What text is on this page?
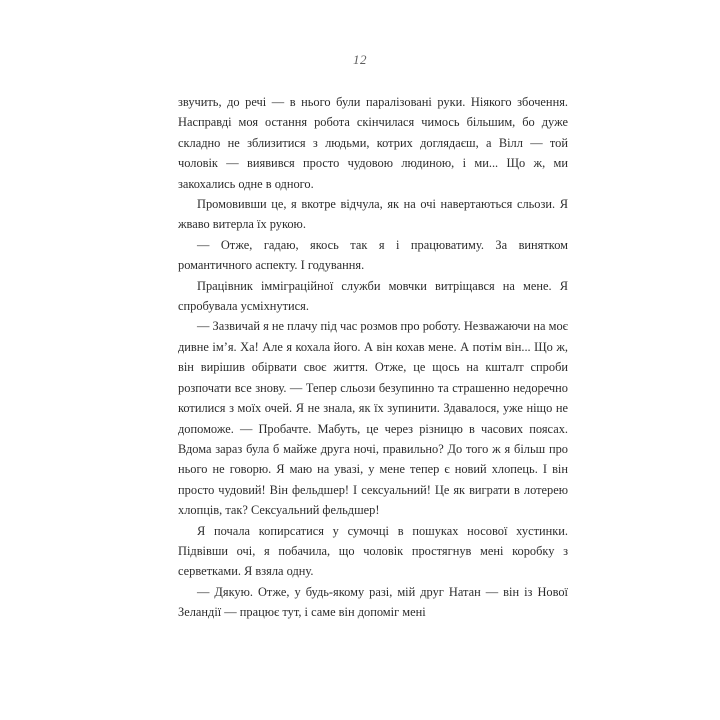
12

звучить, до речі — в нього були паралізовані руки. Ніякого збочення. Насправді моя остання робота скінчилася чимось більшим, бо дуже складно не зблизитися з людьми, котрих доглядаєш, а Вілл — той чоловік — виявився просто чудовою людиною, і ми... Що ж, ми закохались одне в одного.

Промовивши це, я вкотре відчула, як на очі навертаються сльози. Я жваво витерла їх рукою.

— Отже, гадаю, якось так я і працюватиму. За винятком романтичного аспекту. І годування.

Працівник імміграційної служби мовчки витріщався на мене. Я спробувала усміхнутися.

— Зазвичай я не плачу під час розмов про роботу. Незважаючи на моє дивне ім’я. Ха! Але я кохала його. А він кохав мене. А потім він... Що ж, він вирішив обірвати своє життя. Отже, це щось на кшталт спроби розпочати все знову. — Тепер сльози безупинно та страшенно недоречно котилися з моїх очей. Я не знала, як їх зупинити. Здавалося, уже ніщо не допоможе. — Пробачте. Мабуть, це через різницю в часових поясах. Вдома зараз була б майже друга ночі, правильно? До того ж я більш про нього не говорю. Я маю на увазі, у мене тепер є новий хлопець. І він просто чудовий! Він фельдшер! І сексуальний! Це як виграти в лотерею хлопців, так? Сексуальний фельдшер!

Я почала копирсатися у сумочці в пошуках носової хустинки. Підвівши очі, я побачила, що чоловік простягнув мені коробку з серветками. Я взяла одну.

— Дякую. Отже, у будь-якому разі, мій друг Натан — він із Нової Зеландії — працює тут, і саме він допоміг мені
